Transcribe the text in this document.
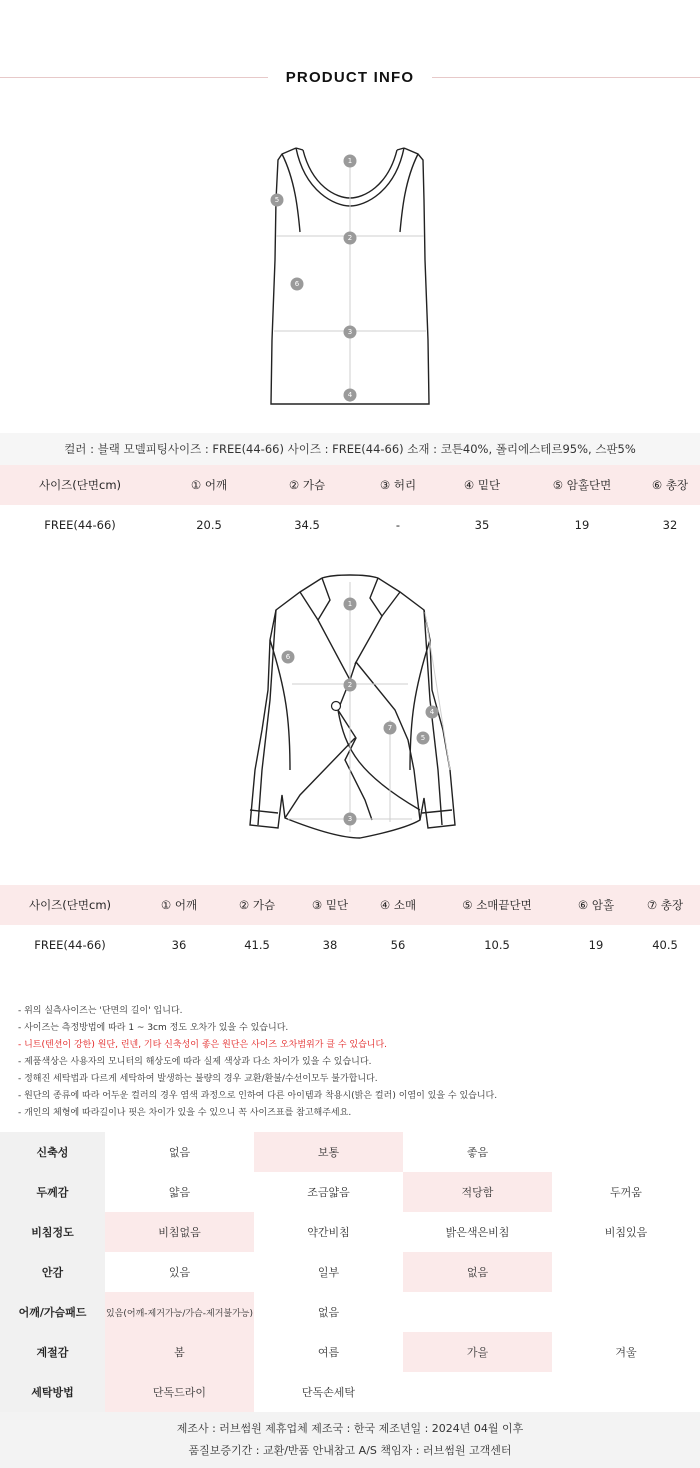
PRODUCT INFO
1
2
3
4
5
6
컬러 : 블랙 모델피팅사이즈 : FREE(44-66) 사이즈 : FREE(44-66) 소재 : 코튼40%, 폴리에스테르95%, 스판5%
사이즈(단면cm)	① 어깨	② 가슴	③ 허리	④ 밑단	⑤ 암홀단면	⑥ 총장
FREE(44-66)	20.5	34.5	-	35	19	32
1
2
3
4
5
6
7
사이즈(단면cm)	① 어깨	② 가슴	③ 밑단	④ 소매	⑤ 소매끝단면	⑥ 암홀	⑦ 총장
FREE(44-66)	36	41.5	38	56	10.5	19	40.5
- 위의 실측사이즈는 '단면의 길이' 입니다.
- 사이즈는 측정방법에 따라 1 ~ 3cm 정도 오차가 있을 수 있습니다.
- 니트(텐션이 강한) 원단, 린넨, 기타 신축성이 좋은 원단은 사이즈 오차범위가 클 수 있습니다.
- 제품색상은 사용자의 모니터의 해상도에 따라 실제 색상과 다소 차이가 있을 수 있습니다.
- 정해진 세탁법과 다르게 세탁하여 발생하는 불량의 경우 교환/환불/수선이모두 불가합니다.
- 원단의 종류에 따라 어두운 컬러의 경우 염색 과정으로 인하여 다른 아이템과 착용시(밝은 컬러) 이염이 있을 수 있습니다.
- 개인의 체형에 따라길이나 핏은 차이가 있을 수 있으니 꼭 사이즈표를 참고해주세요.
신축성	없음	보통	좋음	
두께감	얇음	조금얇음	적당함	두꺼움
비침정도	비침없음	약간비침	밝은색은비침	비침있음
안감	있음	일부	없음	
어깨/가슴패드	있음(어깨-제거가능/가슴-제거불가능)	없음		
계절감	봄	여름	가을	겨울
세탁방법	단독드라이	단독손세탁		
제조사 : 러브썸원 제휴업체 제조국 : 한국 제조년일 : 2024년 04월 이후
품질보증기간 : 교환/반품 안내참고 A/S 책임자 : 러브썸원 고객센터
